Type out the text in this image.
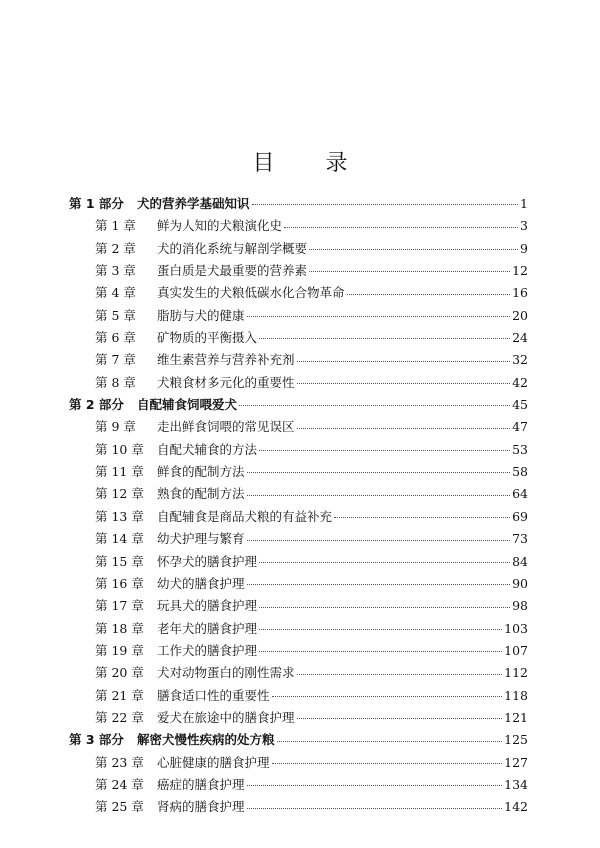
目 录
第 1 部分	犬的营养学基础知识	1
第 1 章	鲜为人知的犬粮演化史	3
第 2 章	犬的消化系统与解剖学概要	9
第 3 章	蛋白质是犬最重要的营养素	12
第 4 章	真实发生的犬粮低碳水化合物革命	16
第 5 章	脂肪与犬的健康	20
第 6 章	矿物质的平衡摄入	24
第 7 章	维生素营养与营养补充剂	32
第 8 章	犬粮食材多元化的重要性	42
第 2 部分	自配辅食饲喂爱犬	45
第 9 章	走出鲜食饲喂的常见误区	47
第 10 章	自配犬辅食的方法	53
第 11 章	鲜食的配制方法	58
第 12 章	熟食的配制方法	64
第 13 章	自配辅食是商品犬粮的有益补充	69
第 14 章	幼犬护理与繁育	73
第 15 章	怀孕犬的膳食护理	84
第 16 章	幼犬的膳食护理	90
第 17 章	玩具犬的膳食护理	98
第 18 章	老年犬的膳食护理	103
第 19 章	工作犬的膳食护理	107
第 20 章	犬对动物蛋白的刚性需求	112
第 21 章	膳食适口性的重要性	118
第 22 章	爱犬在旅途中的膳食护理	121
第 3 部分	解密犬慢性疾病的处方粮	125
第 23 章	心脏健康的膳食护理	127
第 24 章	癌症的膳食护理	134
第 25 章	肾病的膳食护理	142
